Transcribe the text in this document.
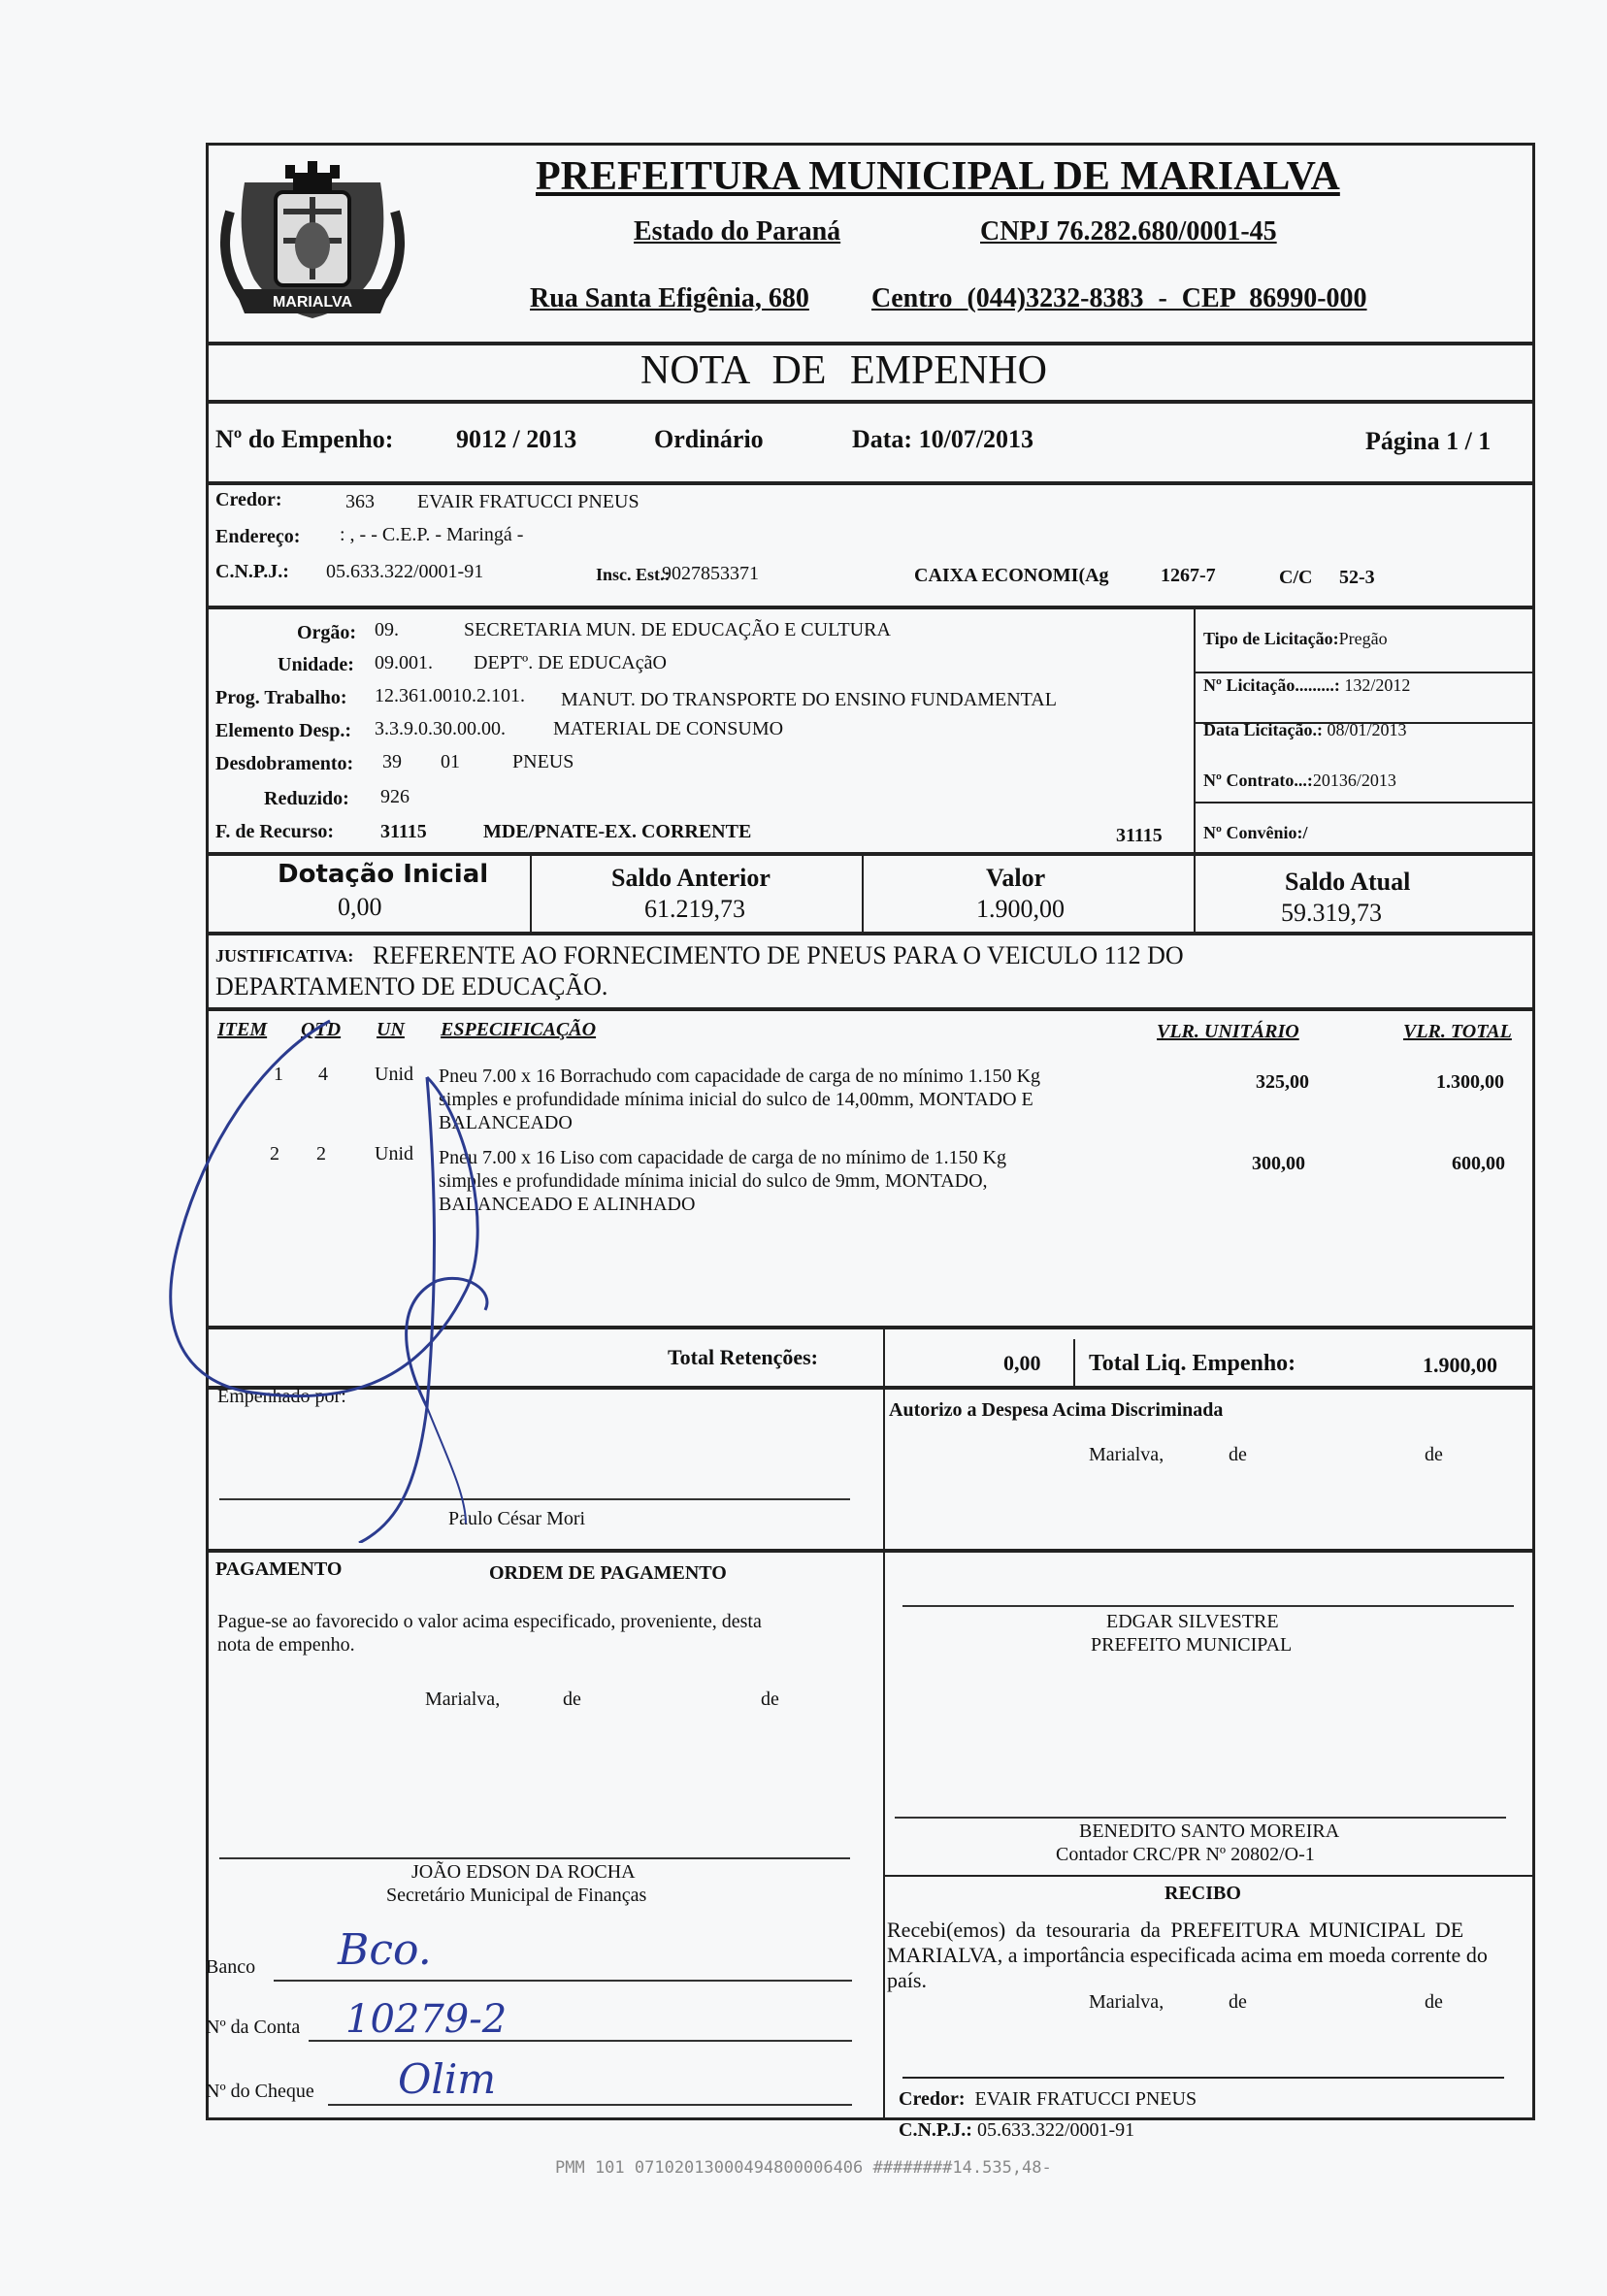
MARIALVA
PREFEITURA MUNICIPAL DE MARIALVA
Estado do Paraná	CNPJ 76.282.680/0001-45
Rua Santa Efigênia, 680 Centro (044)3232-8383 - CEP 86990-000
NOTA DE EMPENHO
Nº do Empenho: 9012 / 2013	Ordinário	Data: 10/07/2013	Página 1 / 1
Credor:	363 EVAIR FRATUCCI PNEUS
Endereço: : , - - C.E.P. - Maringá -
C.N.P.J.: 05.633.322/0001-91	Insc. Est.:
9027853371	CAIXA ECONOMI(Ag	1267-7	C/C 52-3
Orgão: 09.	SECRETARIA MUN. DE EDUCAÇÃO E CULTURA
Unidade: 09.001. DEPTº. DE EDUCAçãO
Prog. Trabalho: 12.361.0010.2.101. MANUT. DO TRANSPORTE DO ENSINO FUNDAMENTAL
Elemento Desp.: 3.3.9.0.30.00.00. MATERIAL DE CONSUMO
Desdobramento: 39 01	PNEUS
Reduzido: 926
F. de Recurso: 31115	MDE/PNATE-EX. CORRENTE	31115
Tipo de Licitação:Pregão
Nº Licitação.........: 132/2012
Data Licitação.: 08/01/2013
Nº Contrato...:20136/2013
Nº Convênio:/
Dotação Inicial
0,00
Saldo Anterior
61.219,73
Valor
1.900,00
Saldo Atual
59.319,73
JUSTIFICATIVA: REFERENTE AO FORNECIMENTO DE PNEUS PARA O VEICULO 112 DO
DEPARTAMENTO DE EDUCAÇÃO.
ITEM QTD UN ESPECIFICAÇÃO	VLR. UNITÁRIO	VLR. TOTAL
1 4 Unid Pneu 7.00 x 16 Borrachudo com capacidade de carga de no mínimo 1.150 Kg
simples e profundidade mínima inicial do sulco de 14,00mm, MONTADO E
BALANCEADO
325,00	1.300,00
2 2	Unid Pneu 7.00 x 16 Liso com capacidade de carga de no mínimo de 1.150 Kg
simples e profundidade mínima inicial do sulco de 9mm, MONTADO,
BALANCEADO E ALINHADO
300,00	600,00
Total Retenções:	0,00 Total Liq. Empenho:	1.900,00
Empenhado por:
Paulo César Mori
Autorizo a Despesa Acima Discriminada
Marialva,	de	de
PAGAMENTO	ORDEM DE PAGAMENTO
Pague-se ao favorecido o valor acima especificado, proveniente, desta
nota de empenho.
Marialva,	de	de
EDGAR SILVESTRE
PREFEITO MUNICIPAL
BENEDITO SANTO MOREIRA
Contador CRC/PR Nº 20802/O-1
JOÃO EDSON DA ROCHA
Secretário Municipal de Finanças	RECIBO
Recebi(emos) da tesouraria da PREFEITURA MUNICIPAL DE
MARIALVA, a importância especificada acima em moeda corrente do
país.
Marialva,	de	de
Credor: EVAIR FRATUCCI PNEUS
C.N.P.J.: 05.633.322/0001-91
Banco Bco.
Nº da Conta 10279-2
Nº do Cheque Olim
PMM 101 07102013000494800006406 ########14.535,48-
